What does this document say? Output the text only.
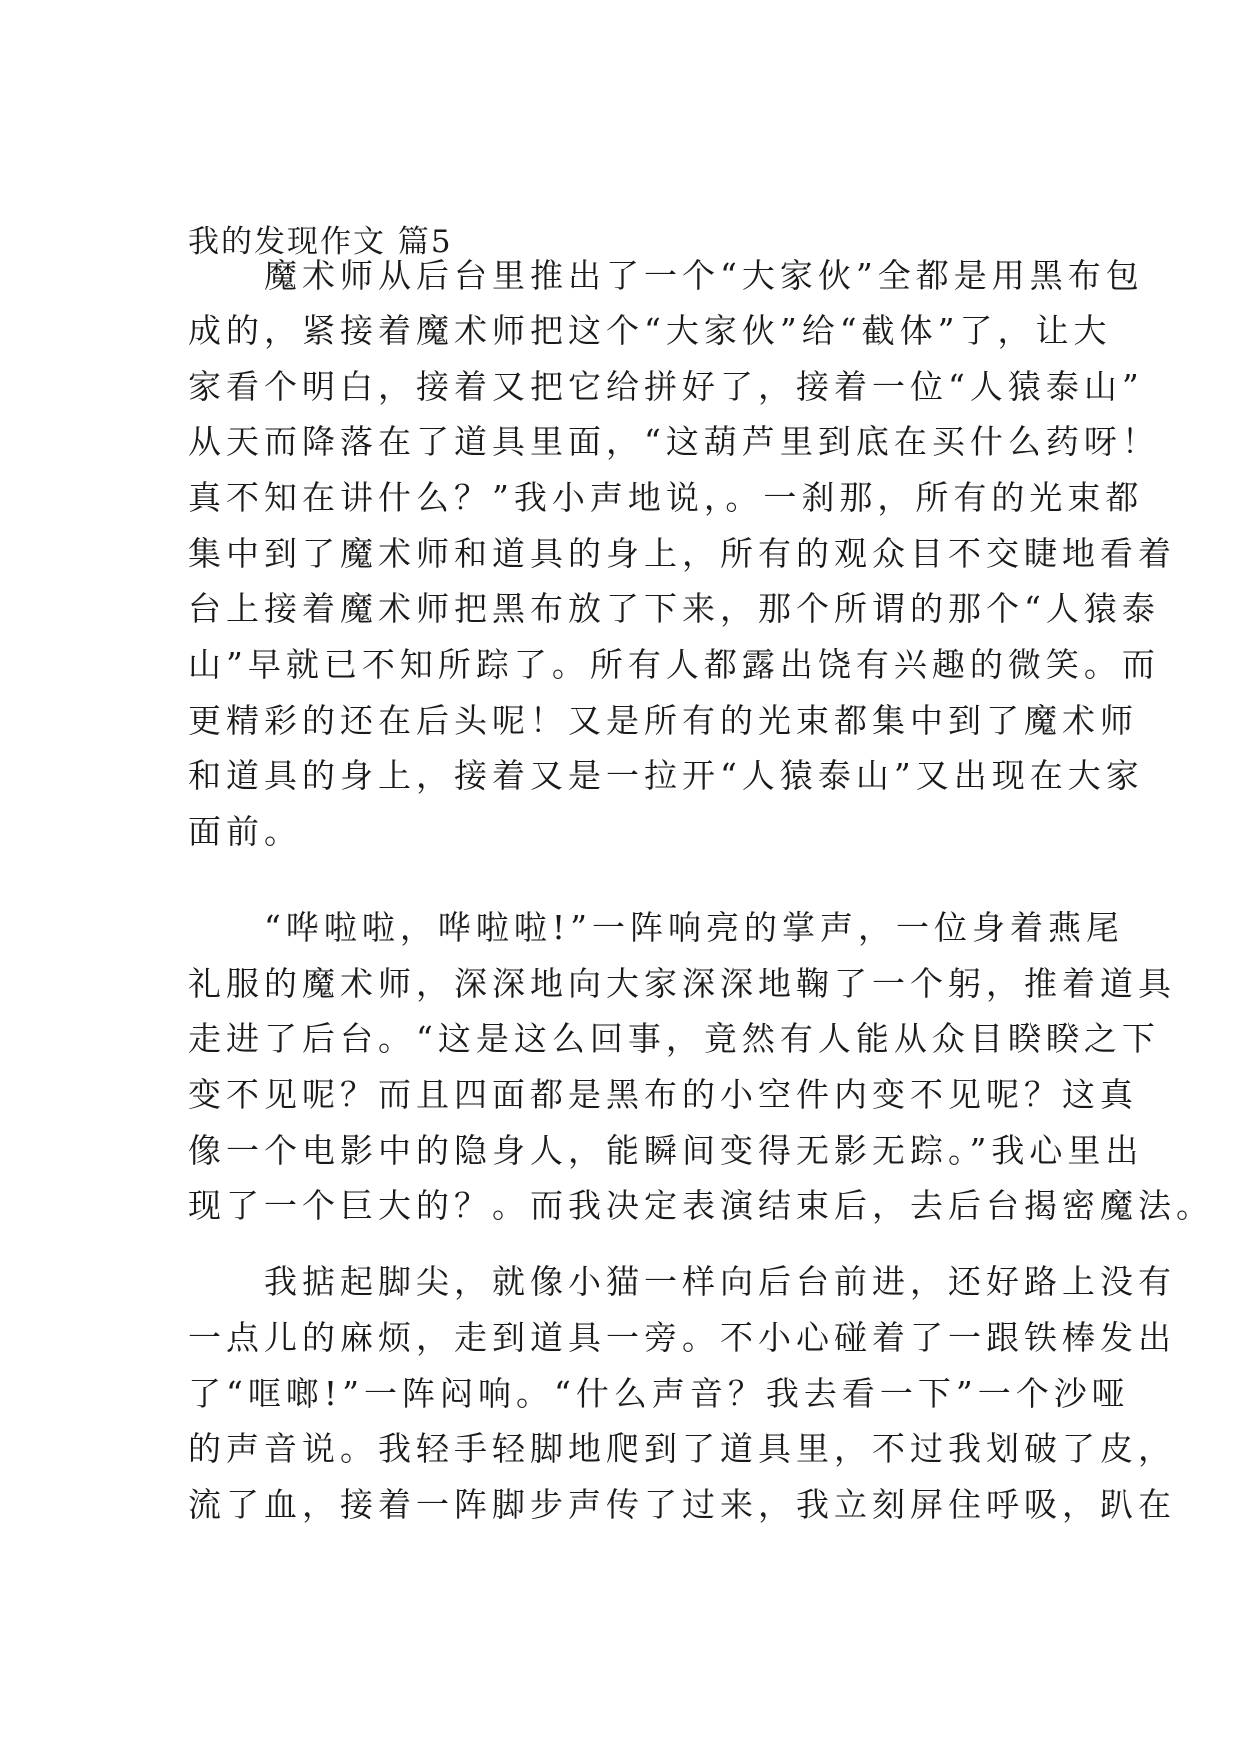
我的发现作文 篇5
　　魔术师从后台里推出了一个“大家伙”全都是用黑布包
成的，紧接着魔术师把这个“大家伙”给“截体”了，让大
家看个明白，接着又把它给拼好了，接着一位“人猿泰山”
从天而降落在了道具里面，“这葫芦里到底在买什么药呀！
真不知在讲什么？”我小声地说，。一刹那，所有的光束都
集中到了魔术师和道具的身上，所有的观众目不交睫地看着
台上接着魔术师把黑布放了下来，那个所谓的那个“人猿泰
山”早就已不知所踪了。所有人都露出饶有兴趣的微笑。而
更精彩的还在后头呢！又是所有的光束都集中到了魔术师
和道具的身上，接着又是一拉开“人猿泰山”又出现在大家
面前。
　　“哗啦啦，哗啦啦!”一阵响亮的掌声，一位身着燕尾
礼服的魔术师，深深地向大家深深地鞠了一个躬，推着道具
走进了后台。“这是这么回事，竟然有人能从众目睽睽之下
变不见呢？而且四面都是黑布的小空件内变不见呢？这真
像一个电影中的隐身人，能瞬间变得无影无踪。”我心里出
现了一个巨大的？。而我决定表演结束后，去后台揭密魔法。
　　我掂起脚尖，就像小猫一样向后台前进，还好路上没有
一点儿的麻烦，走到道具一旁。不小心碰着了一跟铁棒发出
了“哐啷!”一阵闷响。“什么声音？我去看一下”一个沙哑
的声音说。我轻手轻脚地爬到了道具里，不过我划破了皮，
流了血，接着一阵脚步声传了过来，我立刻屏住呼吸，趴在
